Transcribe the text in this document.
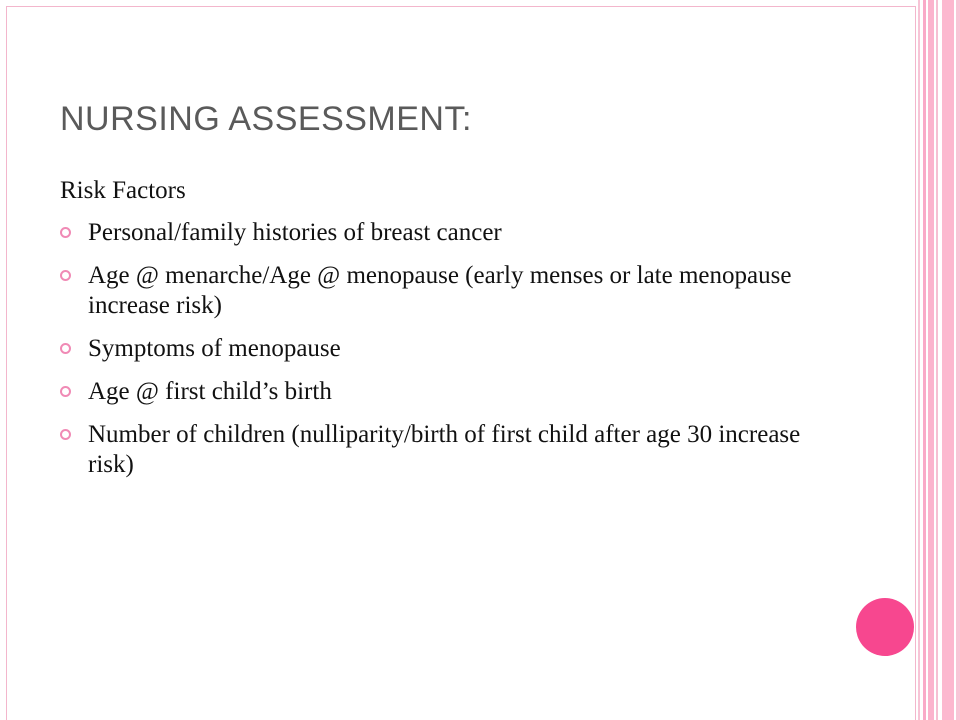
NURSING ASSESSMENT:
Risk Factors
Personal/family histories of breast cancer
Age @ menarche/Age @ menopause (early menses or late menopause increase risk)
Symptoms of menopause
Age @ first child’s birth
Number of children (nulliparity/birth of first child after age 30 increase risk)
